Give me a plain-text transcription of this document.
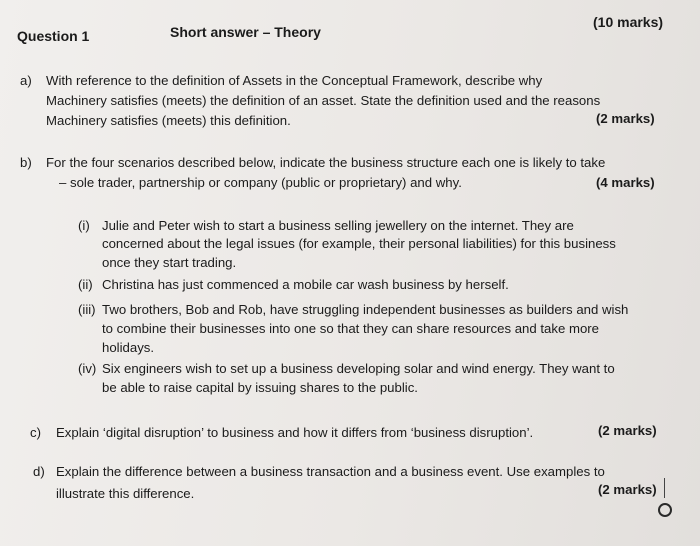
Question 1	Short answer – Theory
(10 marks)
a) With reference to the definition of Assets in the Conceptual Framework, describe why
Machinery satisfies (meets) the definition of an asset. State the definition used and the reasons
Machinery satisfies (meets) this definition.	(2 marks)
b) For the four scenarios described below, indicate the business structure each one is likely to take
– sole trader, partnership or company (public or proprietary) and why.	(4 marks)
(i) Julie and Peter wish to start a business selling jewellery on the internet. They are
concerned about the legal issues (for example, their personal liabilities) for this business
once they start trading.
(ii) Christina has just commenced a mobile car wash business by herself.
(iii) Two brothers, Bob and Rob, have struggling independent businesses as builders and wish
to combine their businesses into one so that they can share resources and take more
holidays.
(iv) Six engineers wish to set up a business developing solar and wind energy. They want to
be able to raise capital by issuing shares to the public.
c) Explain ‘digital disruption’ to business and how it differs from ‘business disruption’.	(2 marks)
d) Explain the difference between a business transaction and a business event. Use examples to
illustrate this difference.	(2 marks)
